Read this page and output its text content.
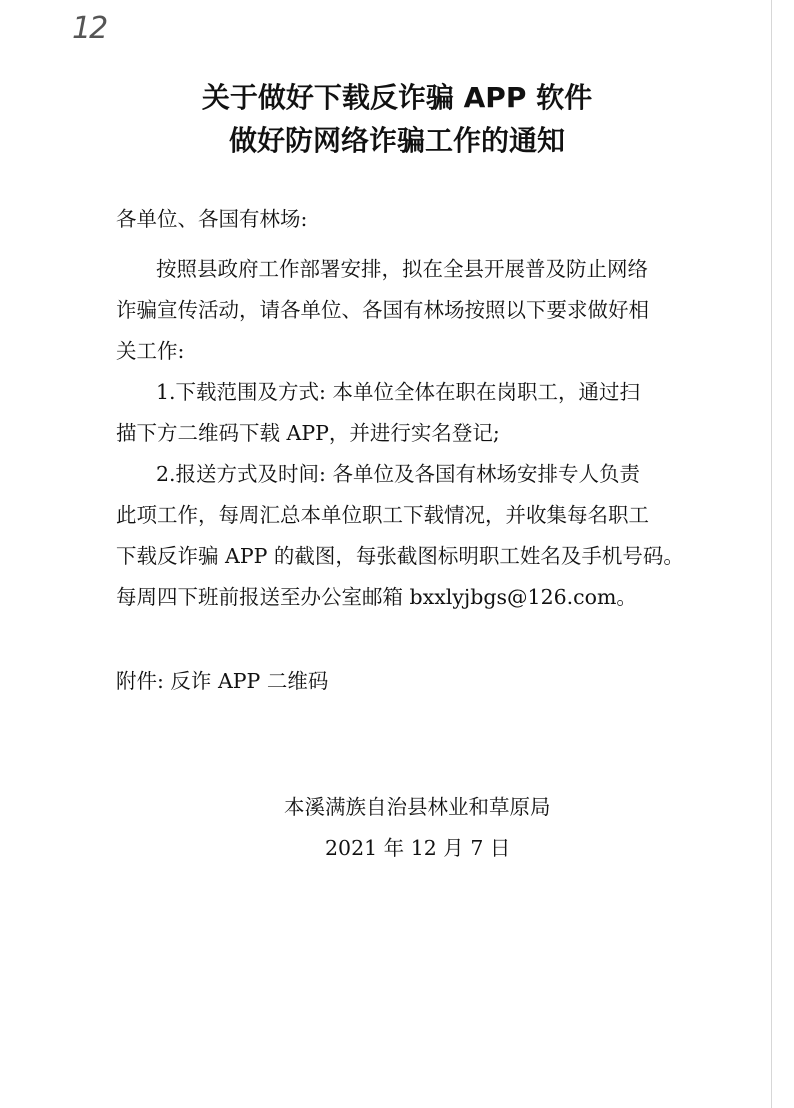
12
关于做好下载反诈骗 APP 软件
做好防网络诈骗工作的通知
各单位、各国有林场:
按照县政府工作部署安排，拟在全县开展普及防止网络
诈骗宣传活动，请各单位、各国有林场按照以下要求做好相
关工作:
1.下载范围及方式: 本单位全体在职在岗职工，通过扫
描下方二维码下载 APP，并进行实名登记;
2.报送方式及时间: 各单位及各国有林场安排专人负责
此项工作，每周汇总本单位职工下载情况，并收集每名职工
下载反诈骗 APP 的截图，每张截图标明职工姓名及手机号码。
每周四下班前报送至办公室邮箱 bxxlyjbgs@126.com。
附件: 反诈 APP 二维码
本溪满族自治县林业和草原局
2021 年 12 月 7 日
